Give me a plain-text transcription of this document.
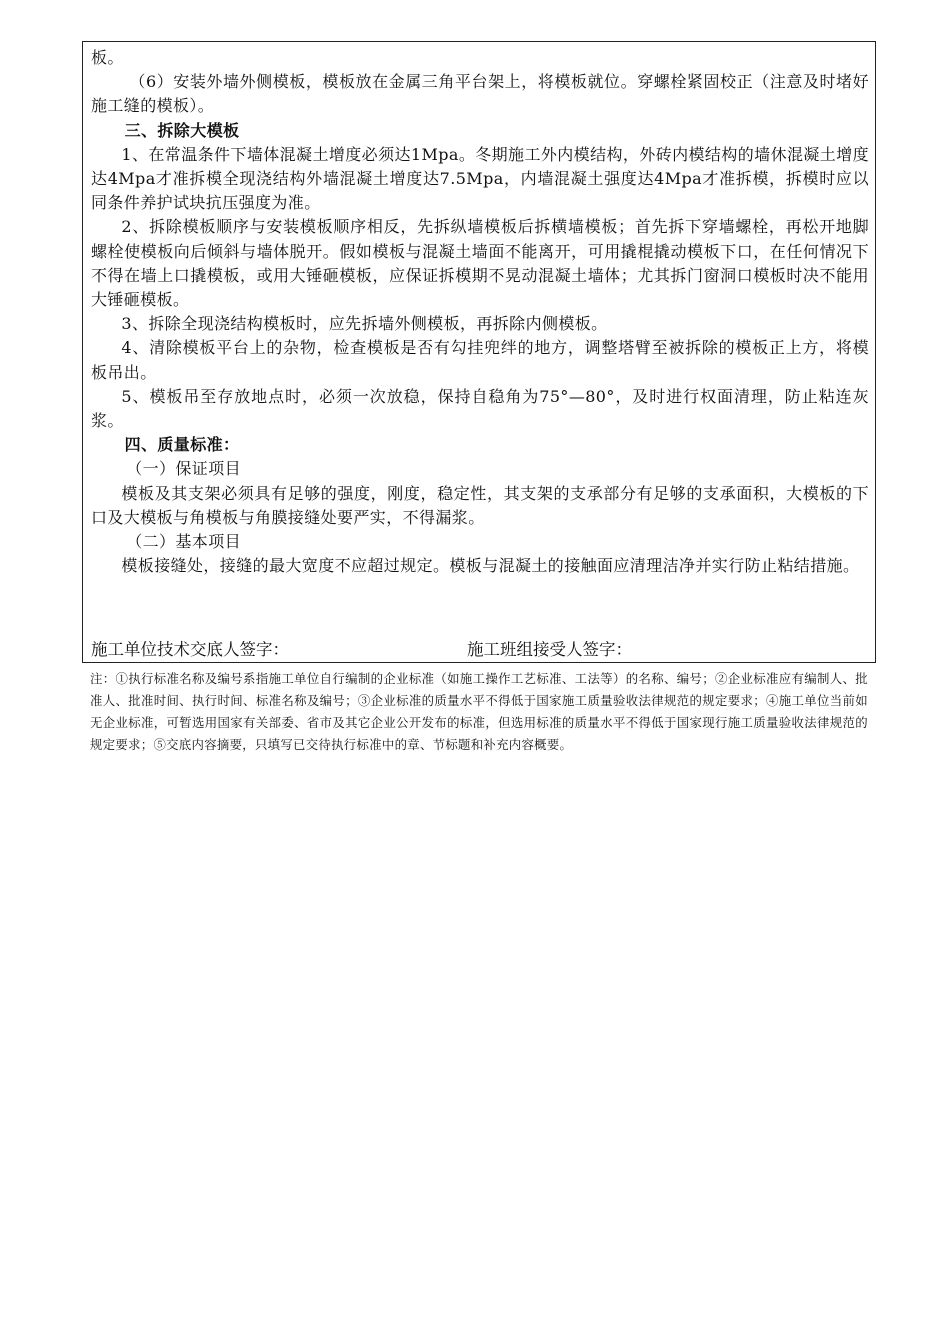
板。

（6）安装外墙外侧模板，模板放在金属三角平台架上，将模板就位。穿螺栓紧固校正（注意及时堵好施工缝的模板）。

三、拆除大模板

1、在常温条件下墙体混凝土增度必须达1Mpa。冬期施工外内模结构，外砖内模结构的墙休混凝土增度达4Mpa才准拆模全现浇结构外墙混凝土增度达7.5Mpa，内墙混凝土强度达4Mpa才准拆模，拆模时应以同条件养护试块抗压强度为准。

2、拆除模板顺序与安装模板顺序相反，先拆纵墙模板后拆横墙模板；首先拆下穿墙螺栓，再松开地脚螺栓使模板向后倾斜与墙体脱开。假如模板与混凝土墙面不能离开，可用撬棍撬动模板下口，在任何情况下不得在墙上口撬模板，或用大锤砸模板，应保证拆模期不晃动混凝土墙体；尤其拆门窗洞口模板时决不能用大锤砸模板。

3、拆除全现浇结构模板时，应先拆墙外侧模板，再拆除内侧模板。

4、清除模板平台上的杂物，检查模板是否有勾挂兜绊的地方，调整塔臂至被拆除的模板正上方，将模板吊出。

5、模板吊至存放地点时，必须一次放稳，保持自稳角为75°—80°，及时进行权面清理，防止粘连灰浆。

四、质量标准：

（一）保证项目

模板及其支架必须具有足够的强度，刚度，稳定性，其支架的支承部分有足够的支承面积，大模板的下口及大模板与角模板与角膜接缝处要严实，不得漏浆。

（二）基本项目

模板接缝处，接缝的最大宽度不应超过规定。模板与混凝土的接触面应清理洁净并实行防止粘结措施。

施工单位技术交底人签字：	施工班组接受人签字：
注：①执行标准名称及编号系指施工单位自行编制的企业标准（如施工操作工艺标准、工法等）的名称、编号；②企业标准应有编制人、批准人、批准时间、执行时间、标准名称及编号；③企业标准的质量水平不得低于国家施工质量验收法律规范的规定要求；④施工单位当前如无企业标准，可暂选用国家有关部委、省市及其它企业公开发布的标准，但选用标准的质量水平不得低于国家现行施工质量验收法律规范的规定要求；⑤交底内容摘要，只填写已交待执行标准中的章、节标题和补充内容概要。
